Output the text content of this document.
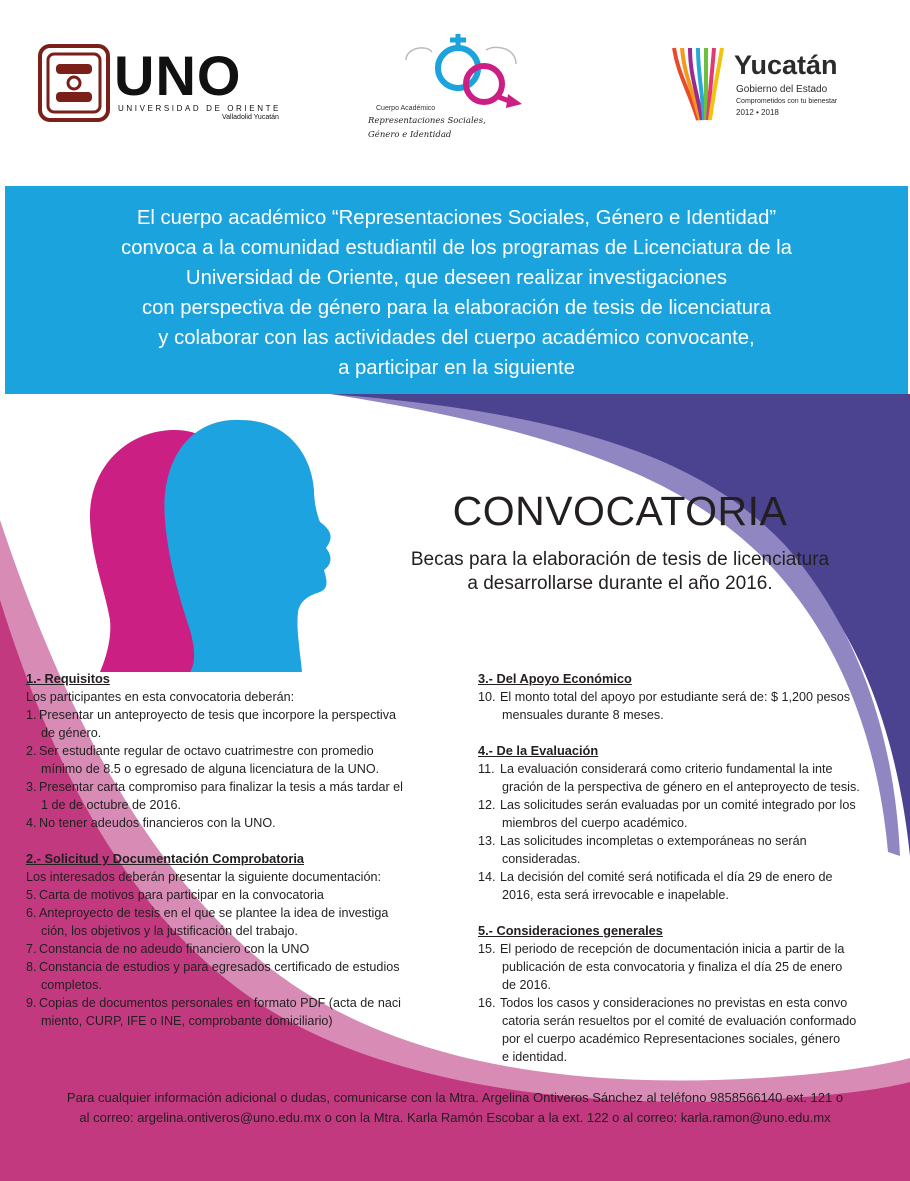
UNO
UNIVERSIDAD DE ORIENTE
Valladolid Yucatán
Cuerpo Académico
Representaciones Sociales,
Género e Identidad
Yucatán
Gobierno del Estado
Comprometidos con tu bienestar
2012 • 2018

El cuerpo académico “Representaciones Sociales, Género e Identidad”
convoca a la comunidad estudiantil de los programas de Licenciatura de la
Universidad de Oriente, que deseen realizar investigaciones
con perspectiva de género para la elaboración de tesis de licenciatura
y colaborar con las actividades del cuerpo académico convocante,
a participar en la siguiente

CONVOCATORIA
Becas para la elaboración de tesis de licenciatura
a desarrollarse durante el año 2016.
1.- Requisitos

Los participantes en esta convocatoria deberán:

1. Presentar un anteproyecto de tesis que incorpore la perspectiva
de género.
2. Ser estudiante regular de octavo cuatrimestre con promedio
mínimo de 8.5 o egresado de alguna licenciatura de la UNO.
3. Presentar carta compromiso para finalizar la tesis a más tardar el
1 de de octubre de 2016.
4. No tener adeudos financieros con la UNO.
2.- Solicitud y Documentación Comprobatoria

Los interesados deberán presentar la siguiente documentación:

5. Carta de motivos para participar en la convocatoria
6. Anteproyecto de tesis en el que se plantee la idea de investiga
ción, los objetivos y la justificación del trabajo.
7. Constancia de no adeudo financiero con la UNO
8. Constancia de estudios y para egresados certificado de estudios
completos.
9. Copias de documentos personales en formato PDF (acta de naci
miento, CURP, IFE o INE, comprobante domiciliario)
3.- Del Apoyo Económico
10. El monto total del apoyo por estudiante será de: $ 1,200 pesos
mensuales durante 8 meses.
4.- De la Evaluación
11. La evaluación considerará como criterio fundamental la inte
gración de la perspectiva de género en el anteproyecto de tesis.
12. Las solicitudes serán evaluadas por un comité integrado por los
miembros del cuerpo académico.
13. Las solicitudes incompletas o extemporáneas no serán
consideradas.
14. La decisión del comité será notificada el día 29 de enero de
2016, esta será irrevocable e inapelable.
5.- Consideraciones generales
15. El periodo de recepción de documentación inicia a partir de la
publicación de esta convocatoria y finaliza el día 25 de enero
de 2016.
16. Todos los casos y consideraciones no previstas en esta convo
catoria serán resueltos por el comité de evaluación conformado
por el cuerpo académico Representaciones sociales, género
e identidad.
Para cualquier información adicional o dudas, comunicarse con la Mtra. Argelina Ontiveros Sánchez al teléfono 9858566140 ext. 121 o
al correo: argelina.ontiveros@uno.edu.mx o con la Mtra. Karla Ramón Escobar a la ext. 122 o al correo: karla.ramon@uno.edu.mx
